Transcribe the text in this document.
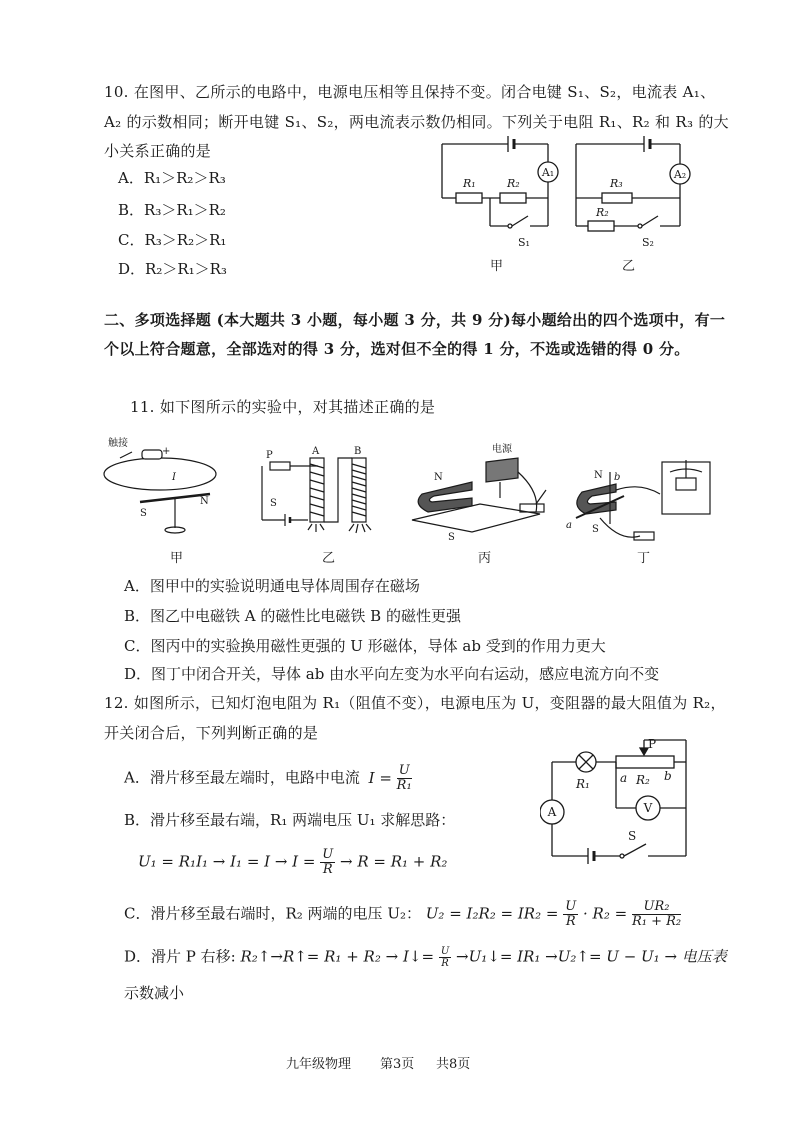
10. 在图甲、乙所示的电路中，电源电压相等且保持不变。闭合电键 S₁、S₂，电流表 A₁、
A₂ 的示数相同；断开电键 S₁、S₂，两电流表示数仍相同。下列关于电阻 R₁、R₂ 和 R₃ 的大
小关系正确的是
A．R₁＞R₂＞R₃
B．R₃＞R₁＞R₂
C．R₃＞R₂＞R₁
D．R₂＞R₁＞R₃
A₁
R₁	R₂
S₁
甲
A₂
R₃
R₂
S₂
乙
二、多项选择题 (本大题共 3 小题，每小题 3 分，共 9 分)每小题给出的四个选项中，有一
个以上符合题意，全部选对的得 3 分，选对但不全的得 1 分，不选或选错的得 0 分。
11. 如下图所示的实验中，对其描述正确的是
触接
−
+
I
S
N
甲
P	A	B
S
乙
电源
N
S
丙
N b
a S
丁
A．图甲中的实验说明通电导体周围存在磁场
B．图乙中电磁铁 A 的磁性比电磁铁 B 的磁性更强
C．图丙中的实验换用磁性更强的 U 形磁体，导体 ab 受到的作用力更大
D．图丁中闭合开关，导体 ab 由水平向左变为水平向右运动，感应电流方向不变
12. 如图所示，已知灯泡电阻为 R₁（阻值不变），电源电压为 U，变阻器的最大阻值为 R₂，
开关闭合后，下列判断正确的是
A．滑片移至最左端时，电路中电流 $I = \frac{U}{\text{R₁}}$
B．滑片移至最右端，R₁ 两端电压 U₁ 求解思路：
$U_1 = R_1I_1 \to I_1 = I \to I = \frac{U}{R} \to R = R_1 + R_2$
C．滑片移至最右端时，R₂ 两端的电压 U₂： $U_2 = I_2R_2 = IR_2 = \frac{U}{R} \cdot R_2 = \frac{\text{UR₂}}{\text{R₁ + R₂}}$
D．滑片 P 右移: R₂↑→R↑= R₁ + R₂ → I↓= $\frac{U}{R}$ →U₁↓= IR₁ →U₂↑= U − U₁ → 电压表
示数减小
A	V
P
a R₂ b
R₁
S
九年级物理 第3页 共8页
